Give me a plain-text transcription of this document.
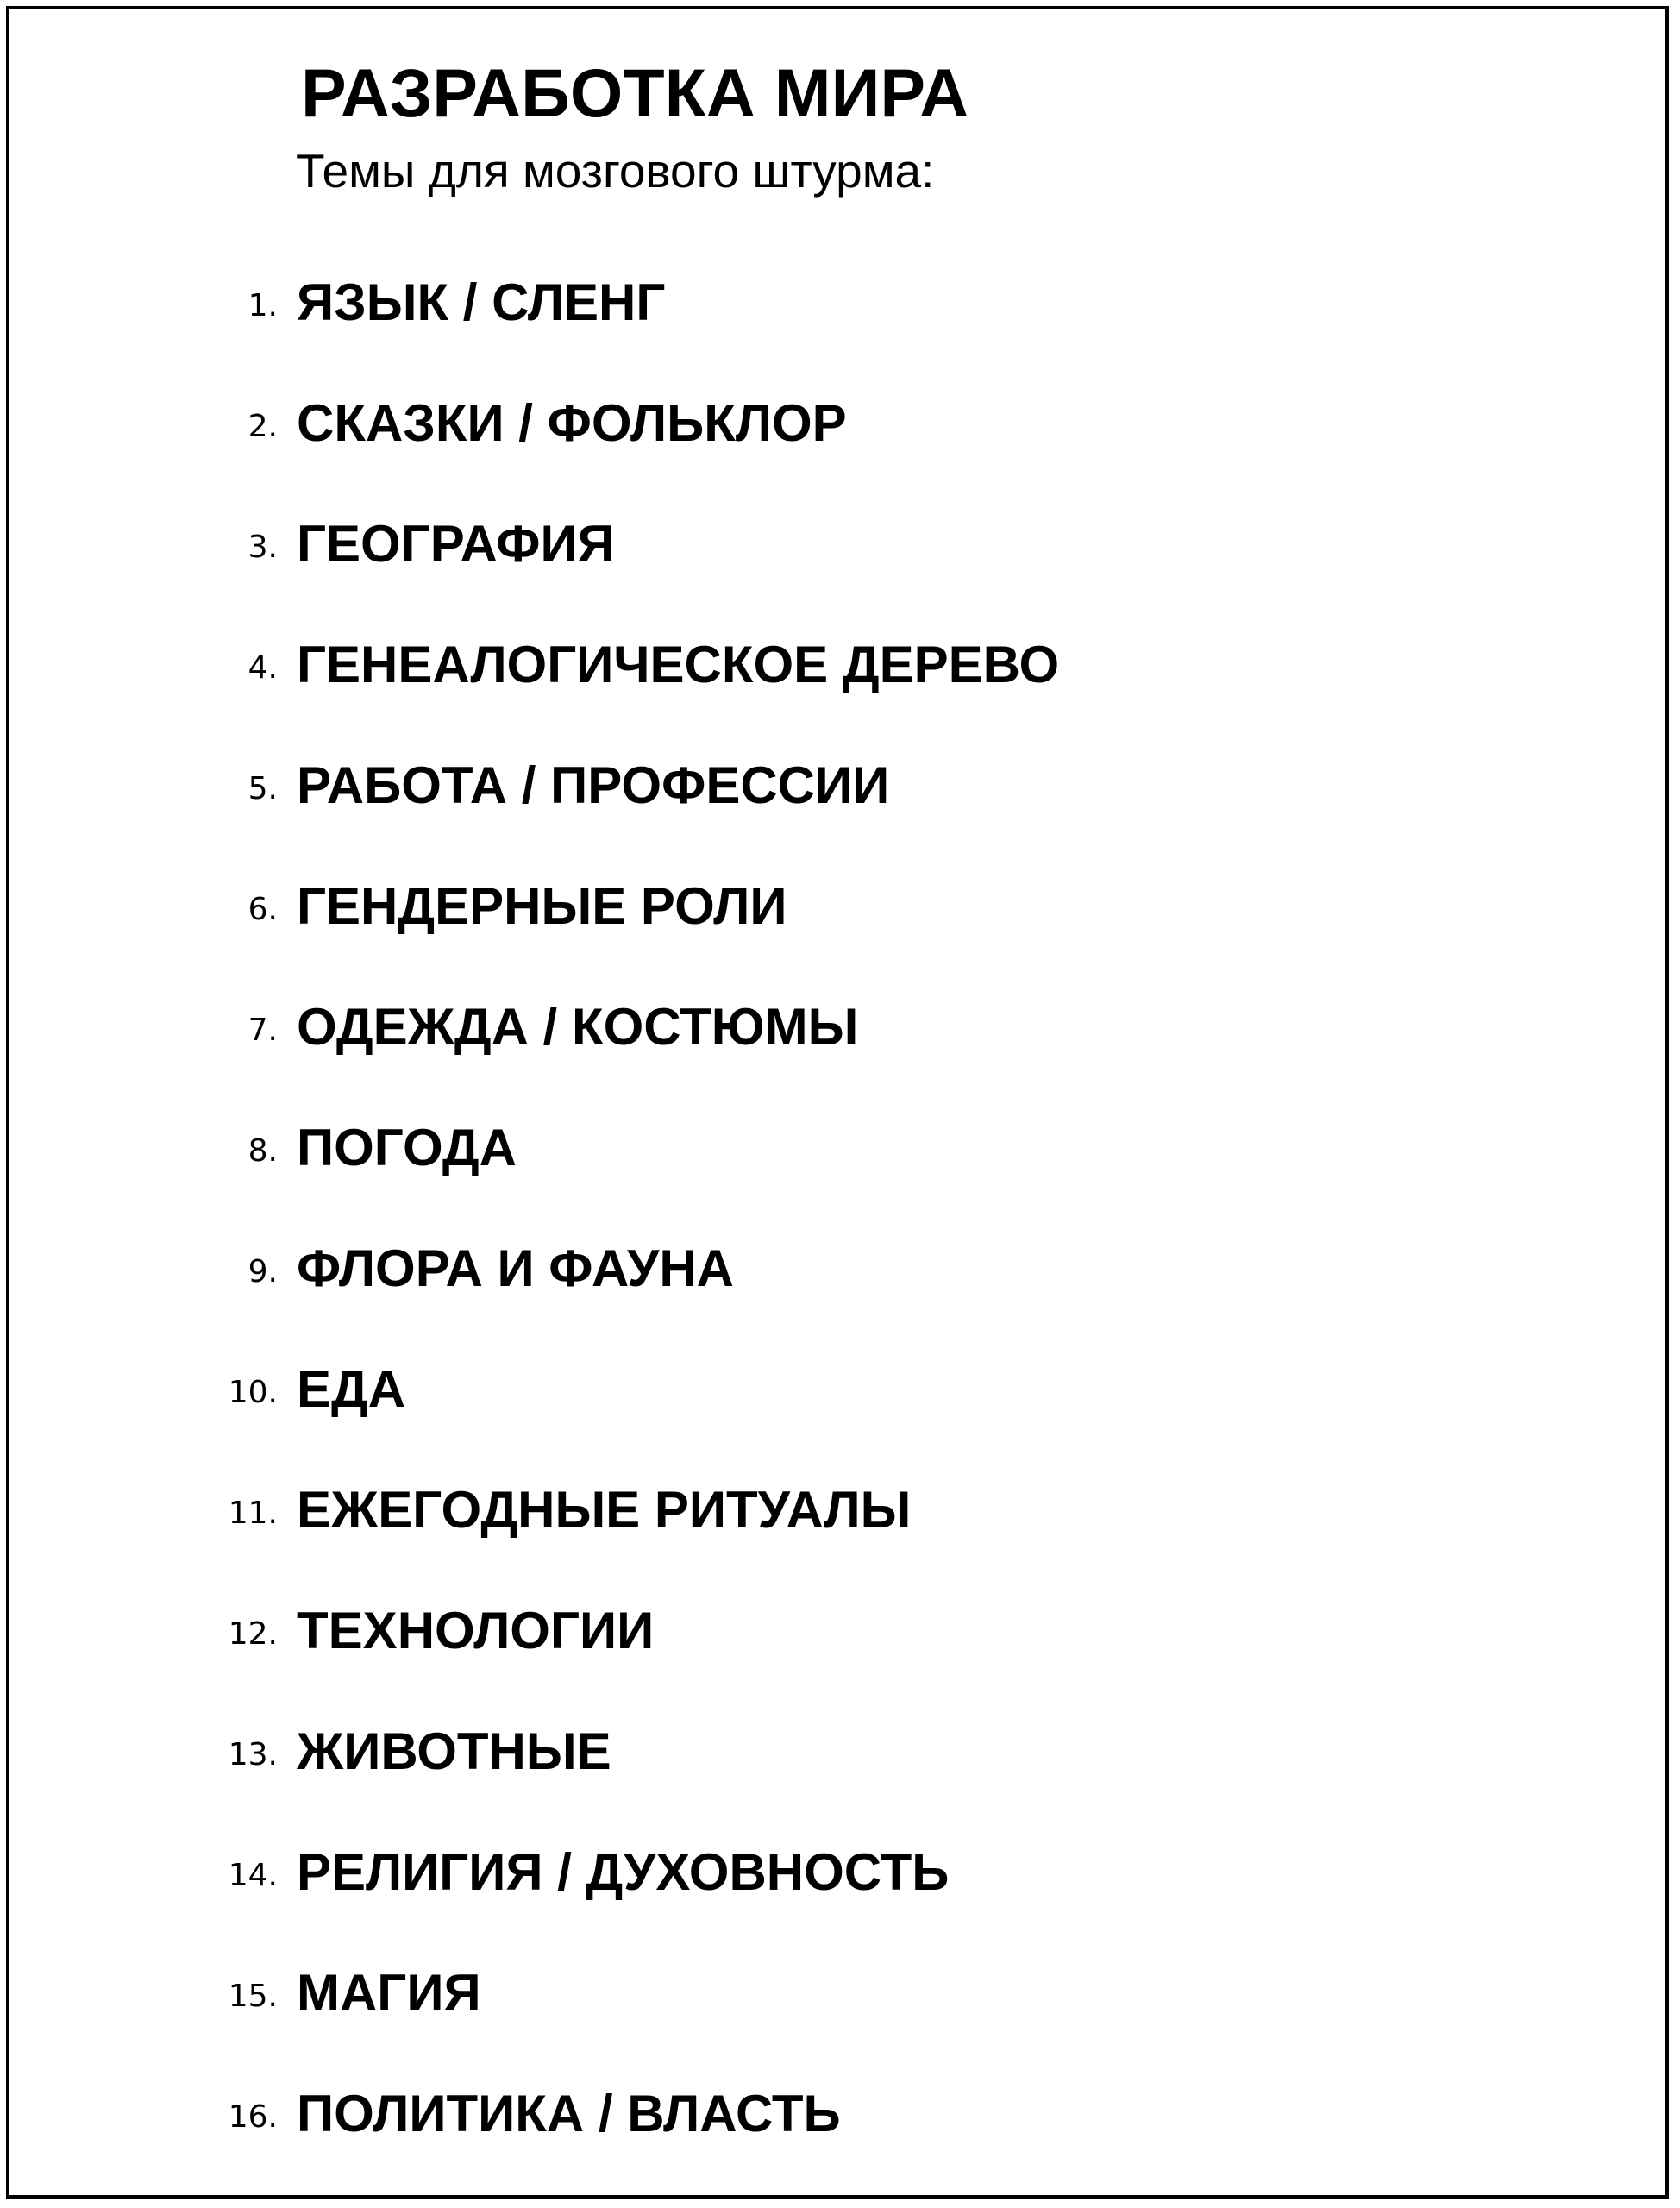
РАЗРАБОТКА МИРА

Темы для мозгового штурма:

1. ЯЗЫК / СЛЕНГ
2. СКАЗКИ / ФОЛЬКЛОР
3. ГЕОГРАФИЯ
4. ГЕНЕАЛОГИЧЕСКОЕ ДЕРЕВО
5. РАБОТА / ПРОФЕССИИ
6. ГЕНДЕРНЫЕ РОЛИ
7. ОДЕЖДА / КОСТЮМЫ
8. ПОГОДА
9. ФЛОРА И ФАУНА
10. ЕДА
11. ЕЖЕГОДНЫЕ РИТУАЛЫ
12. ТЕХНОЛОГИИ
13. ЖИВОТНЫЕ
14. РЕЛИГИЯ / ДУХОВНОСТЬ
15. МАГИЯ
16. ПОЛИТИКА / ВЛАСТЬ
